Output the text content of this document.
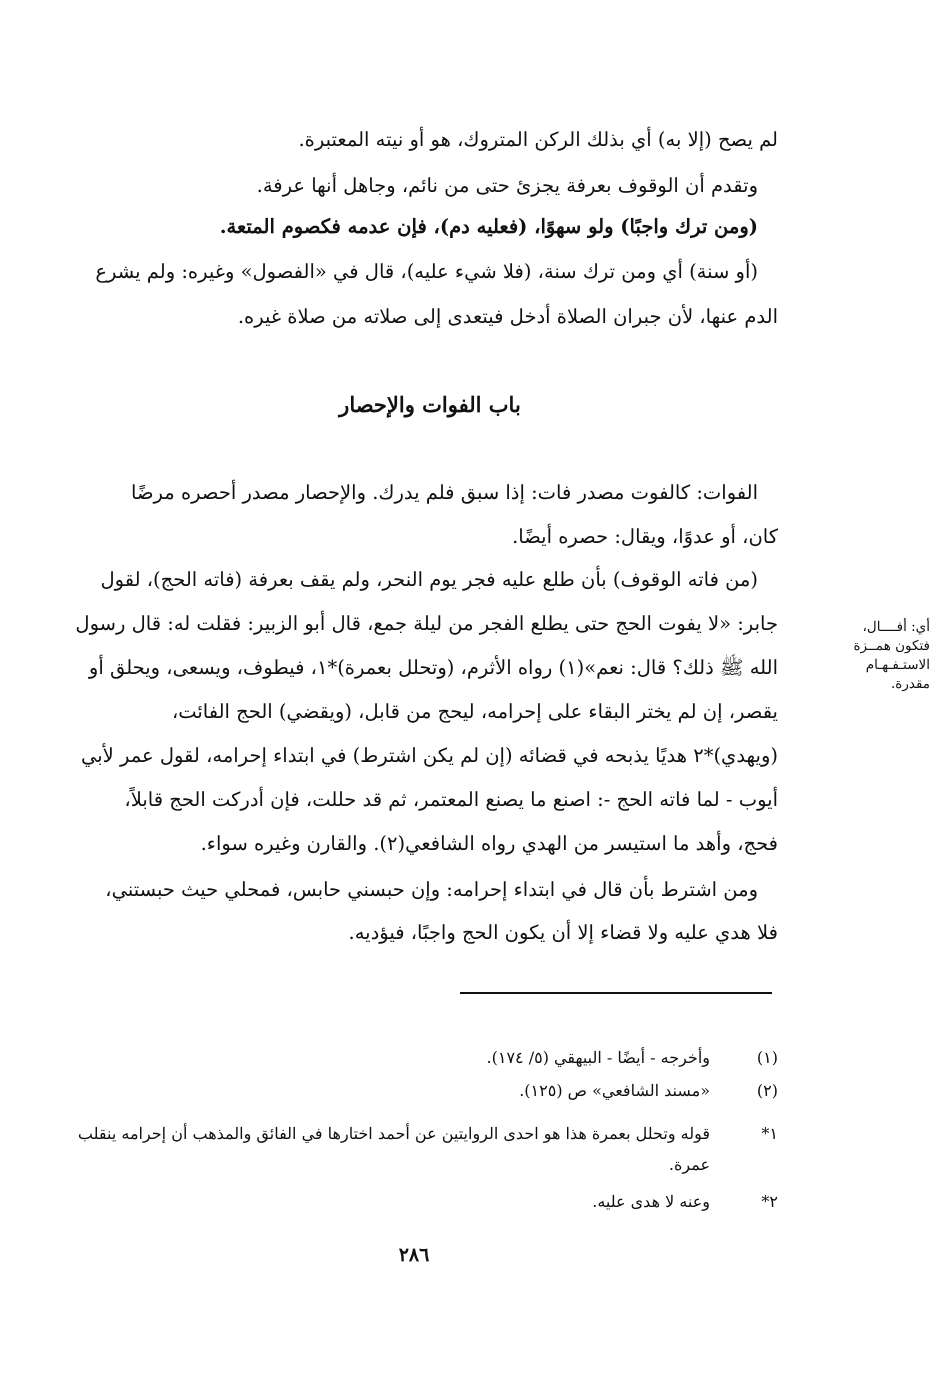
لم يصح (إلا به) أي بذلك الركن المتروك، هو أو نيته المعتبرة.
وتقدم أن الوقوف بعرفة يجزئ حتى من نائم، وجاهل أنها عرفة.
(ومن ترك واجبًا) ولو سهوًا، (فعليه دم)، فإن عدمه فكصوم المتعة.
(أو سنة) أي ومن ترك سنة، (فلا شيء عليه)، قال في «الفصول» وغيره: ولم يشرع
الدم عنها، لأن جبران الصلاة أدخل فيتعدى إلى صلاته من صلاة غيره.
باب الفوات والإحصار
الفوات: كالفوت مصدر فات: إذا سبق فلم يدرك. والإحصار مصدر أحصره مرضًا
كان، أو عدوًا، ويقال: حصره أيضًا.
(من فاته الوقوف) بأن طلع عليه فجر يوم النحر، ولم يقف بعرفة (فاته الحج)، لقول
جابر: «لا يفوت الحج حتى يطلع الفجر من ليلة جمع، قال أبو الزبير: فقلت له: قال رسول
الله ﷺ ذلك؟ قال: نعم»(١) رواه الأثرم، (وتحلل بعمرة)*١، فيطوف، ويسعى، ويحلق أو
يقصر، إن لم يختر البقاء على إحرامه، ليحج من قابل، (ويقضي) الحج الفائت،
(ويهدي)*٢ هديًا يذبحه في قضائه (إن لم يكن اشترط) في ابتداء إحرامه، لقول عمر لأبي
أيوب - لما فاته الحج -: اصنع ما يصنع المعتمر، ثم قد حللت، فإن أدركت الحج قابلاً،
فحج، وأهد ما استيسر من الهدي رواه الشافعي(٢). والقارن وغيره سواء.
ومن اشترط بأن قال في ابتداء إحرامه: وإن حبسني حابس، فمحلي حيث حبستني،
فلا هدي عليه ولا قضاء إلا أن يكون الحج واجبًا، فيؤديه.
أي: أفــــال،
فتكون همــزة
الاستـفـهـام
مقدرة.
(١)
وأخرجه - أيضًا - البيهقي (٥/ ١٧٤).
(٢)
«مسند الشافعي» ص (١٢٥).
١*
قوله وتحلل بعمرة هذا هو احدى الروايتين عن أحمد اختارها في الفائق والمذهب أن إحرامه ينقلب
عمرة.
٢*
وعنه لا هدى عليه.
٢٨٦
